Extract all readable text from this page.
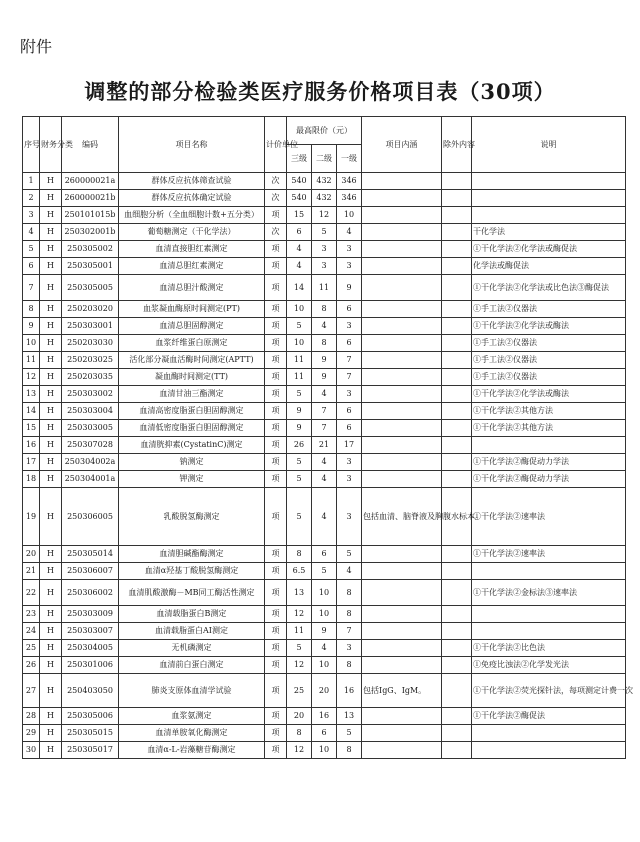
附件
调整的部分检验类医疗服务价格项目表（30项）
序号	财务分类	编码	项目名称	计价单位	最高限价（元）			项目内涵	除外内容	说明
					三级	二级	一级			
1	H	260000021a	群体反应抗体筛查试验	次	540	432	346			
2	H	260000021b	群体反应抗体确定试验	次	540	432	346			
3	H	250101015b	血细胞分析（全血细胞计数+五分类）	项	15	12	10			
4	H	250302001b	葡萄糖测定（干化学法）	次	6	5	4			干化学法
5	H	250305002	血清直接胆红素测定	项	4	3	3			①干化学法②化学法或酶促法
6	H	250305001	血清总胆红素测定	项	4	3	3			化学法或酶促法
7	H	250305005	血清总胆汁酸测定	项	14	11	9			①干化学法②化学法或比色法③酶促法
8	H	250203020	血浆凝血酶原时间测定(PT)	项	10	8	6			①手工法②仪器法
9	H	250303001	血清总胆固醇测定	项	5	4	3			①干化学法②化学法或酶法
10	H	250203030	血浆纤维蛋白原测定	项	10	8	6			①手工法②仪器法
11	H	250203025	活化部分凝血活酶时间测定(APTT)	项	11	9	7			①手工法②仪器法
12	H	250203035	凝血酶时间测定(TT)	项	11	9	7			①手工法②仪器法
13	H	250303002	血清甘油三酯测定	项	5	4	3			①干化学法②化学法或酶法
14	H	250303004	血清高密度脂蛋白胆固醇测定	项	9	7	6			①干化学法②其他方法
15	H	250303005	血清低密度脂蛋白胆固醇测定	项	9	7	6			①干化学法②其他方法
16	H	250307028	血清胱抑素(CystatinC)测定	项	26	21	17			
17	H	250304002a	钠测定	项	5	4	3			①干化学法②酶促动力学法
18	H	250304001a	钾测定	项	5	4	3			①干化学法②酶促动力学法
19	H	250306005	乳酸脱氢酶测定	项	5	4	3	包括血清、脑脊液及胸腹水标本。		①干化学法②速率法
20	H	250305014	血清胆碱酯酶测定	项	8	6	5			①干化学法②速率法
21	H	250306007	血清α羟基丁酸脱氢酶测定	项	6.5	5	4			
22	H	250306002	血清肌酸激酶－MB同工酶活性测定	项	13	10	8			①干化学法②金标法③速率法
23	H	250303009	血清载脂蛋白B测定	项	12	10	8			
24	H	250303007	血清载脂蛋白AⅠ测定	项	11	9	7			
25	H	250304005	无机磷测定	项	5	4	3			①干化学法②比色法
26	H	250301006	血清前白蛋白测定	项	12	10	8			①免疫比浊法②化学发光法
27	H	250403050	肺炎支原体血清学试验	项	25	20	16	包括IgG、IgM。		①干化学法②荧光探针法，每项测定计费一次
28	H	250305006	血浆氨测定	项	20	16	13			①干化学法②酶促法
29	H	250305015	血清单胺氧化酶测定	项	8	6	5			
30	H	250305017	血清α-L-岩藻糖苷酶测定	项	12	10	8			
